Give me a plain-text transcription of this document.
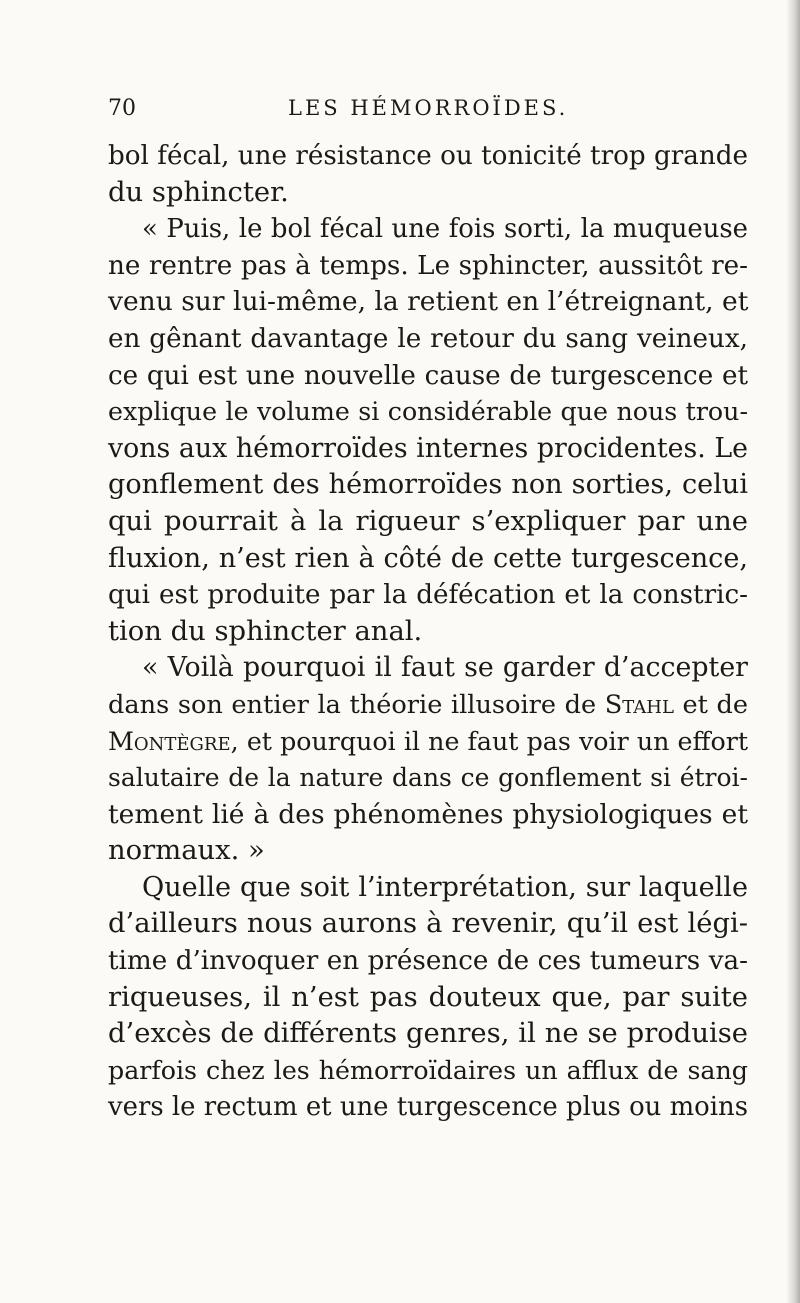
70	LES HÉMORROÏDES.
bol fécal, une résistance ou tonicité trop grande
du sphincter.
« Puis, le bol fécal une fois sorti, la muqueuse
ne rentre pas à temps. Le sphincter, aussitôt re-
venu sur lui-même, la retient en l’étreignant, et
en gênant davantage le retour du sang veineux,
ce qui est une nouvelle cause de turgescence et
explique le volume si considérable que nous trou-
vons aux hémorroïdes internes procidentes. Le
gonflement des hémorroïdes non sorties, celui
qui pourrait à la rigueur s’expliquer par une
fluxion, n’est rien à côté de cette turgescence,
qui est produite par la défécation et la constric-
tion du sphincter anal.
« Voilà pourquoi il faut se garder d’accepter
dans son entier la théorie illusoire de Stahl et de
Montègre, et pourquoi il ne faut pas voir un effort
salutaire de la nature dans ce gonflement si étroi-
tement lié à des phénomènes physiologiques et
normaux. »
Quelle que soit l’interprétation, sur laquelle
d’ailleurs nous aurons à revenir, qu’il est légi-
time d’invoquer en présence de ces tumeurs va-
riqueuses, il n’est pas douteux que, par suite
d’excès de différents genres, il ne se produise
parfois chez les hémorroïdaires un afflux de sang
vers le rectum et une turgescence plus ou moins
